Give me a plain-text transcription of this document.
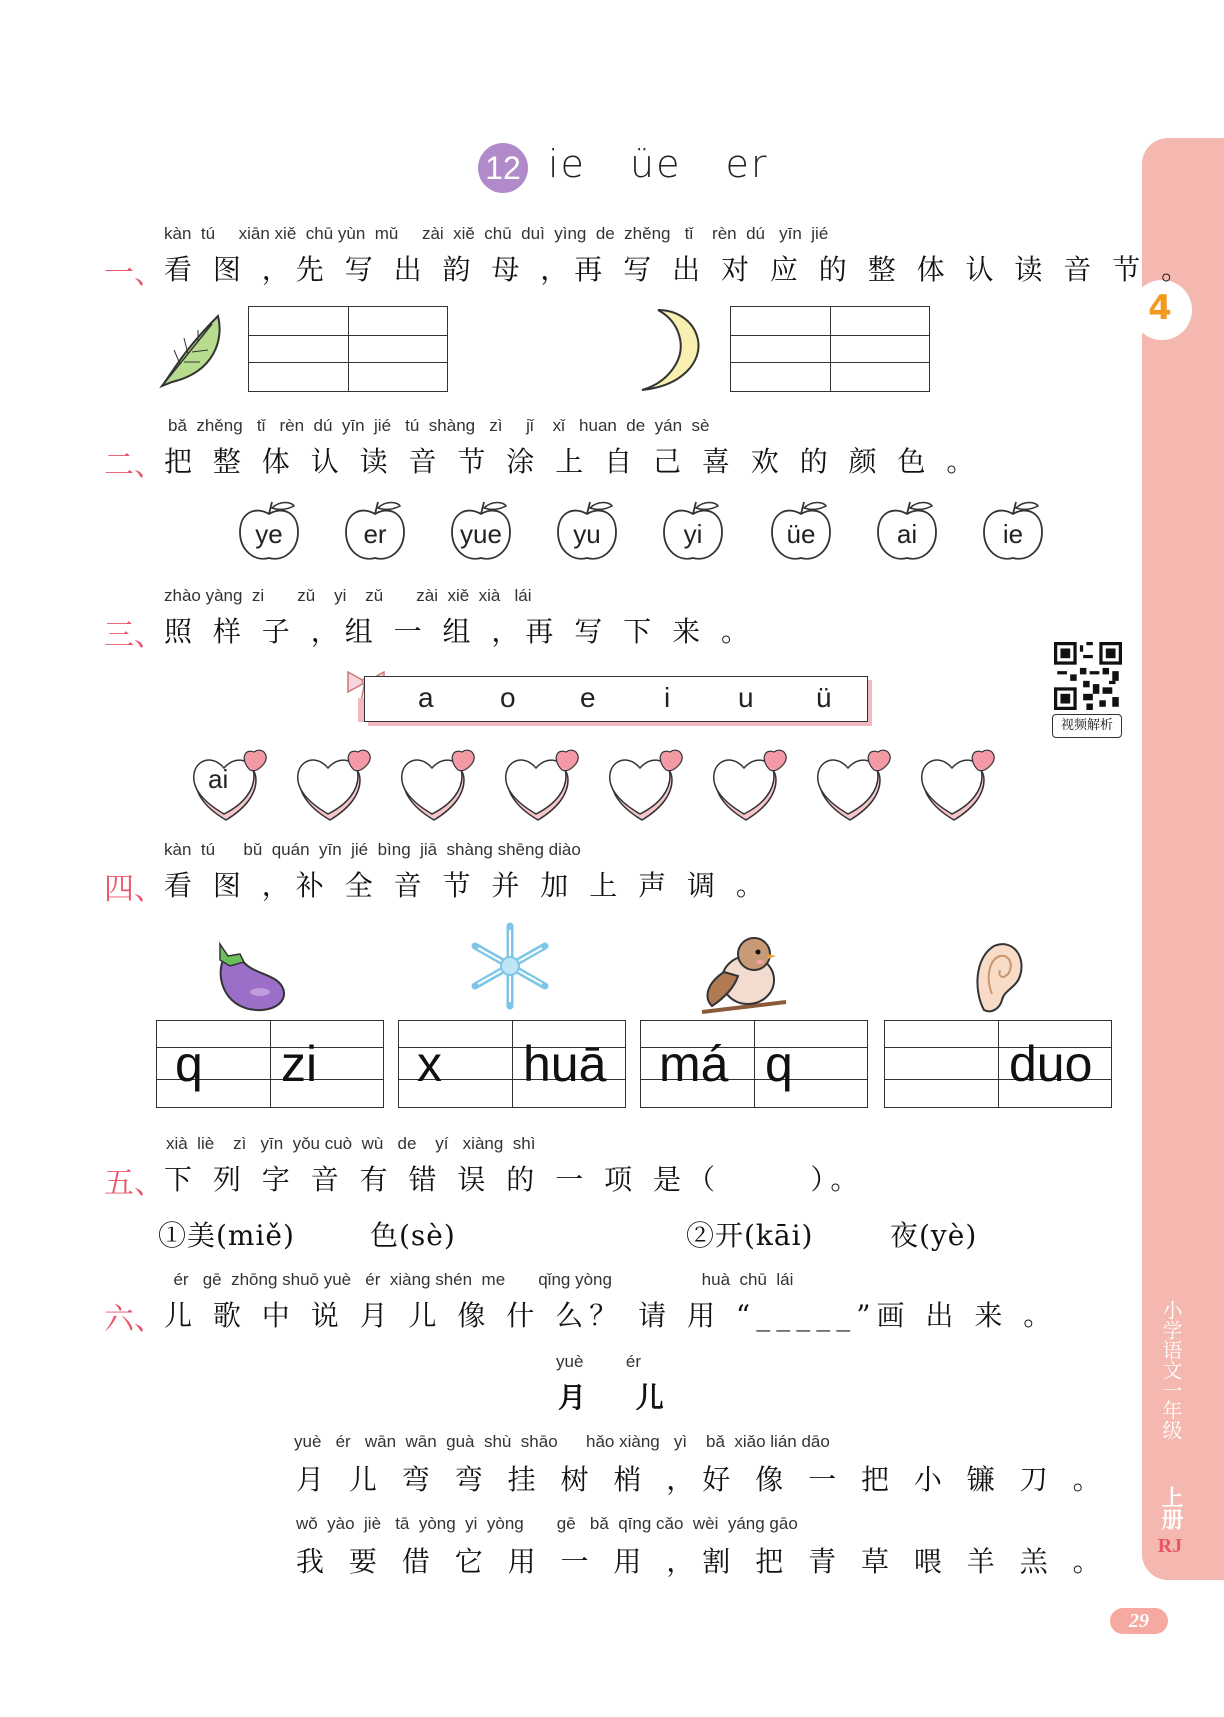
4
小学语文一年级
上册
RJ
29
12 ie üe er
kàn  tú     xiān xiě  chū yùn  mǔ     zài  xiě  chū  duì  yìng  de  zhěng   tǐ    rèn  dú   yīn  jié
一、 看 图 ，先 写 出 韵 母 ，再 写 出 对 应 的 整 体 认 读 音 节 。
bǎ  zhěng   tǐ   rèn  dú  yīn  jié   tú  shàng   zì     jǐ    xǐ   huan  de  yán  sè
二、 把 整 体 认 读 音 节 涂 上 自 己 喜 欢 的 颜 色 。
ye	er	yue	yu	yi	üe	ai	ie
zhào yàng  zi       zǔ    yi    zǔ       zài  xiě  xià   lái
三、 照 样 子 ，组 一 组 ，再 写 下 来 。
a o e i u ü
ai
视频解析
kàn  tú      bǔ  quán  yīn  jié  bìng  jiā  shàng shēng diào
四、 看 图 ，补 全 音 节 并 加 上 声 调 。
q zi x huā má q	duo
xià  liè    zì   yīn  yǒu cuò  wù   de    yí   xiàng  shì
五、 下 列 字 音 有 错 误 的 一 项 是（      ）。
①美(miě)	色(sè)	②开(kāi)	夜(yè)
ér   gē  zhōng shuō yuè   ér  xiàng shén  me       qǐng yòng                   huà  chū  lái
六、 儿 歌 中 说 月 儿 像 什 么？ 请 用 “_____”画 出 来 。
yuè         ér
月 儿
yuè   ér   wān  wān  guà  shù  shāo      hǎo xiàng   yì    bǎ  xiǎo lián dāo
月 儿 弯 弯 挂 树 梢 ，好 像 一 把 小 镰 刀 。
wǒ  yào  jiè   tā  yòng  yi  yòng       gē   bǎ  qīng cǎo  wèi  yáng gāo
我 要 借 它 用 一 用 ，割 把 青 草 喂 羊 羔 。
